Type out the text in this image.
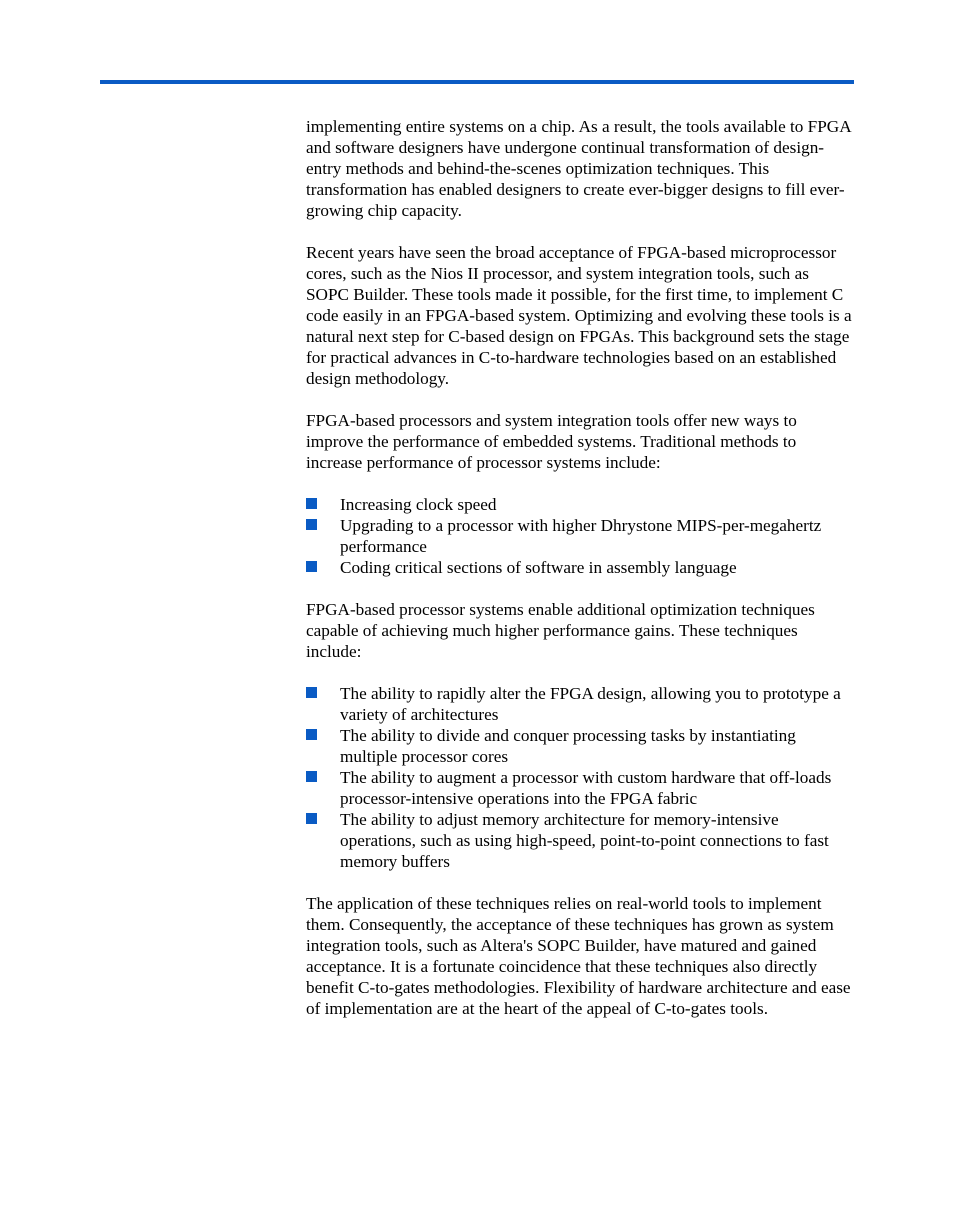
implementing entire systems on a chip. As a result, the tools available to FPGA and software designers have undergone continual transformation of design-entry methods and behind-the-scenes optimization techniques. This transformation has enabled designers to create ever-bigger designs to fill ever-growing chip capacity.

Recent years have seen the broad acceptance of FPGA-based microprocessor cores, such as the Nios II processor, and system integration tools, such as SOPC Builder. These tools made it possible, for the first time, to implement C code easily in an FPGA-based system. Optimizing and evolving these tools is a natural next step for C-based design on FPGAs. This background sets the stage for practical advances in C-to-hardware technologies based on an established design methodology.

FPGA-based processors and system integration tools offer new ways to improve the performance of embedded systems. Traditional methods to increase performance of processor systems include:

Increasing clock speed
Upgrading to a processor with higher Dhrystone MIPS-per-megahertz performance
Coding critical sections of software in assembly language

FPGA-based processor systems enable additional optimization techniques capable of achieving much higher performance gains. These techniques include:

The ability to rapidly alter the FPGA design, allowing you to prototype a variety of architectures
The ability to divide and conquer processing tasks by instantiating multiple processor cores
The ability to augment a processor with custom hardware that off-loads processor-intensive operations into the FPGA fabric
The ability to adjust memory architecture for memory-intensive operations, such as using high-speed, point-to-point connections to fast memory buffers

The application of these techniques relies on real-world tools to implement them. Consequently, the acceptance of these techniques has grown as system integration tools, such as Altera's SOPC Builder, have matured and gained acceptance. It is a fortunate coincidence that these techniques also directly benefit C-to-gates methodologies. Flexibility of hardware architecture and ease of implementation are at the heart of the appeal of C-to-gates tools.
